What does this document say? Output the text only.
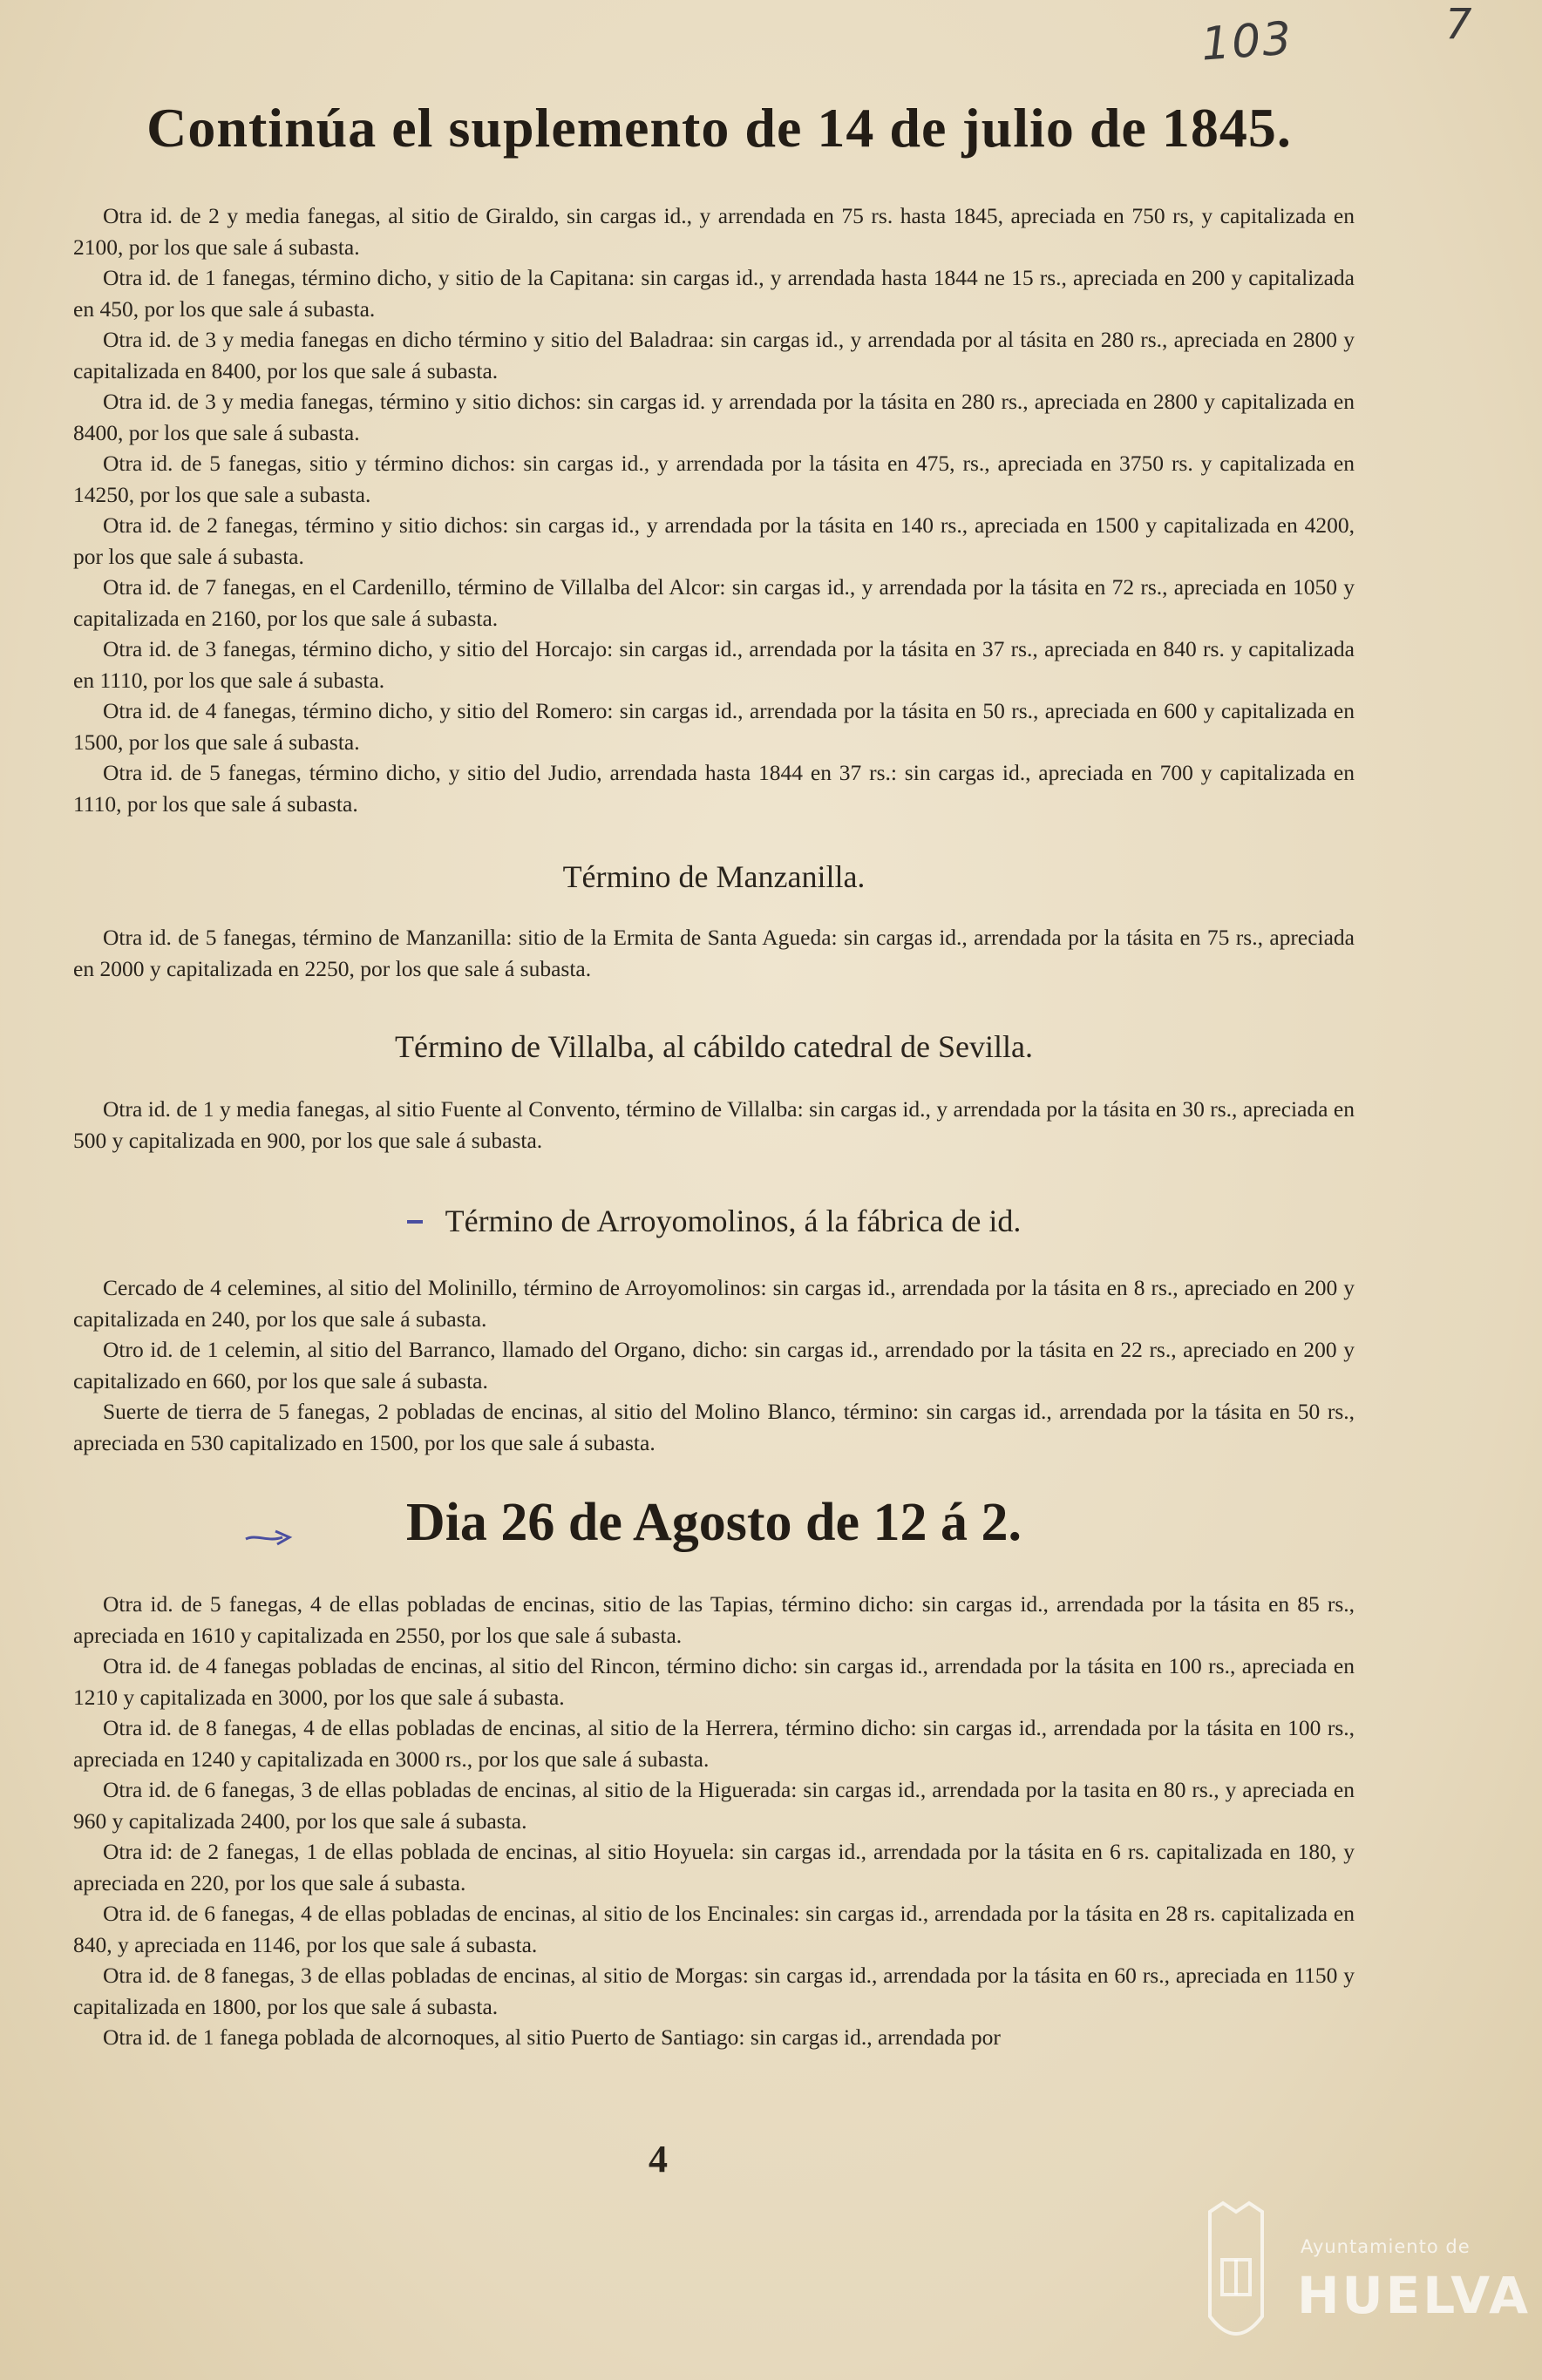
103	7
Continúa el suplemento de 14 de julio de 1845.

Otra id. de 2 y media fanegas, al sitio de Giraldo, sin cargas id., y arrendada en 75 rs. hasta 1845, apreciada en 750 rs, y capitalizada en 2100, por los que sale á subasta.

Otra id. de 1 fanegas, término dicho, y sitio de la Capitana: sin cargas id., y arrendada hasta 1844 ne 15 rs., apreciada en 200 y capitalizada en 450, por los que sale á subasta.

Otra id. de 3 y media fanegas en dicho término y sitio del Baladraa: sin cargas id., y arrendada por al tásita en 280 rs., apreciada en 2800 y capitalizada en 8400, por los que sale á subasta.

Otra id. de 3 y media fanegas, término y sitio dichos: sin cargas id. y arrendada por la tásita en 280 rs., apreciada en 2800 y capitalizada en 8400, por los que sale á subasta.

Otra id. de 5 fanegas, sitio y término dichos: sin cargas id., y arrendada por la tásita en 475, rs., apreciada en 3750 rs. y capitalizada en 14250, por los que sale a subasta.

Otra id. de 2 fanegas, término y sitio dichos: sin cargas id., y arrendada por la tásita en 140 rs., apreciada en 1500 y capitalizada en 4200, por los que sale á subasta.

Otra id. de 7 fanegas, en el Cardenillo, término de Villalba del Alcor: sin cargas id., y arrendada por la tásita en 72 rs., apreciada en 1050 y capitalizada en 2160, por los que sale á subasta.

Otra id. de 3 fanegas, término dicho, y sitio del Horcajo: sin cargas id., arrendada por la tásita en 37 rs., apreciada en 840 rs. y capitalizada en 1110, por los que sale á subasta.

Otra id. de 4 fanegas, término dicho, y sitio del Romero: sin cargas id., arrendada por la tásita en 50 rs., apreciada en 600 y capitalizada en 1500, por los que sale á subasta.

Otra id. de 5 fanegas, término dicho, y sitio del Judio, arrendada hasta 1844 en 37 rs.: sin cargas id., apreciada en 700 y capitalizada en 1110, por los que sale á subasta.

Término de Manzanilla.

Otra id. de 5 fanegas, término de Manzanilla: sitio de la Ermita de Santa Agueda: sin cargas id., arrendada por la tásita en 75 rs., apreciada en 2000 y capitalizada en 2250, por los que sale á subasta.

Término de Villalba, al cábildo catedral de Sevilla.

Otra id. de 1 y media fanegas, al sitio Fuente al Convento, término de Villalba: sin cargas id., y arrendada por la tásita en 30 rs., apreciada en 500 y capitalizada en 900, por los que sale á subasta.

Término de Arroyomolinos, á la fábrica de id.

Cercado de 4 celemines, al sitio del Molinillo, término de Arroyomolinos: sin cargas id., arrendada por la tásita en 8 rs., apreciado en 200 y capitalizada en 240, por los que sale á subasta.

Otro id. de 1 celemin, al sitio del Barranco, llamado del Organo, dicho: sin cargas id., arrendado por la tásita en 22 rs., apreciado en 200 y capitalizado en 660, por los que sale á subasta.

Suerte de tierra de 5 fanegas, 2 pobladas de encinas, al sitio del Molino Blanco, término: sin cargas id., arrendada por la tásita en 50 rs., apreciada en 530 capitalizado en 1500, por los que sale á subasta.

Dia 26 de Agosto de 12 á 2.

Otra id. de 5 fanegas, 4 de ellas pobladas de encinas, sitio de las Tapias, término dicho: sin cargas id., arrendada por la tásita en 85 rs., apreciada en 1610 y capitalizada en 2550, por los que sale á subasta.

Otra id. de 4 fanegas pobladas de encinas, al sitio del Rincon, término dicho: sin cargas id., arrendada por la tásita en 100 rs., apreciada en 1210 y capitalizada en 3000, por los que sale á subasta.

Otra id. de 8 fanegas, 4 de ellas pobladas de encinas, al sitio de la Herrera, término dicho: sin cargas id., arrendada por la tásita en 100 rs., apreciada en 1240 y capitalizada en 3000 rs., por los que sale á subasta.

Otra id. de 6 fanegas, 3 de ellas pobladas de encinas, al sitio de la Higuerada: sin cargas id., arrendada por la tasita en 80 rs., y apreciada en 960 y capitalizada 2400, por los que sale á subasta.

Otra id: de 2 fanegas, 1 de ellas poblada de encinas, al sitio Hoyuela: sin cargas id., arrendada por la tásita en 6 rs. capitalizada en 180, y apreciada en 220, por los que sale á subasta.

Otra id. de 6 fanegas, 4 de ellas pobladas de encinas, al sitio de los Encinales: sin cargas id., arrendada por la tásita en 28 rs. capitalizada en 840, y apreciada en 1146, por los que sale á subasta.

Otra id. de 8 fanegas, 3 de ellas pobladas de encinas, al sitio de Morgas: sin cargas id., arrendada por la tásita en 60 rs., apreciada en 1150 y capitalizada en 1800, por los que sale á subasta.

Otra id. de 1 fanega poblada de alcornoques, al sitio Puerto de Santiago: sin cargas id., arrendada por

4
Ayuntamiento de
HUELVA
